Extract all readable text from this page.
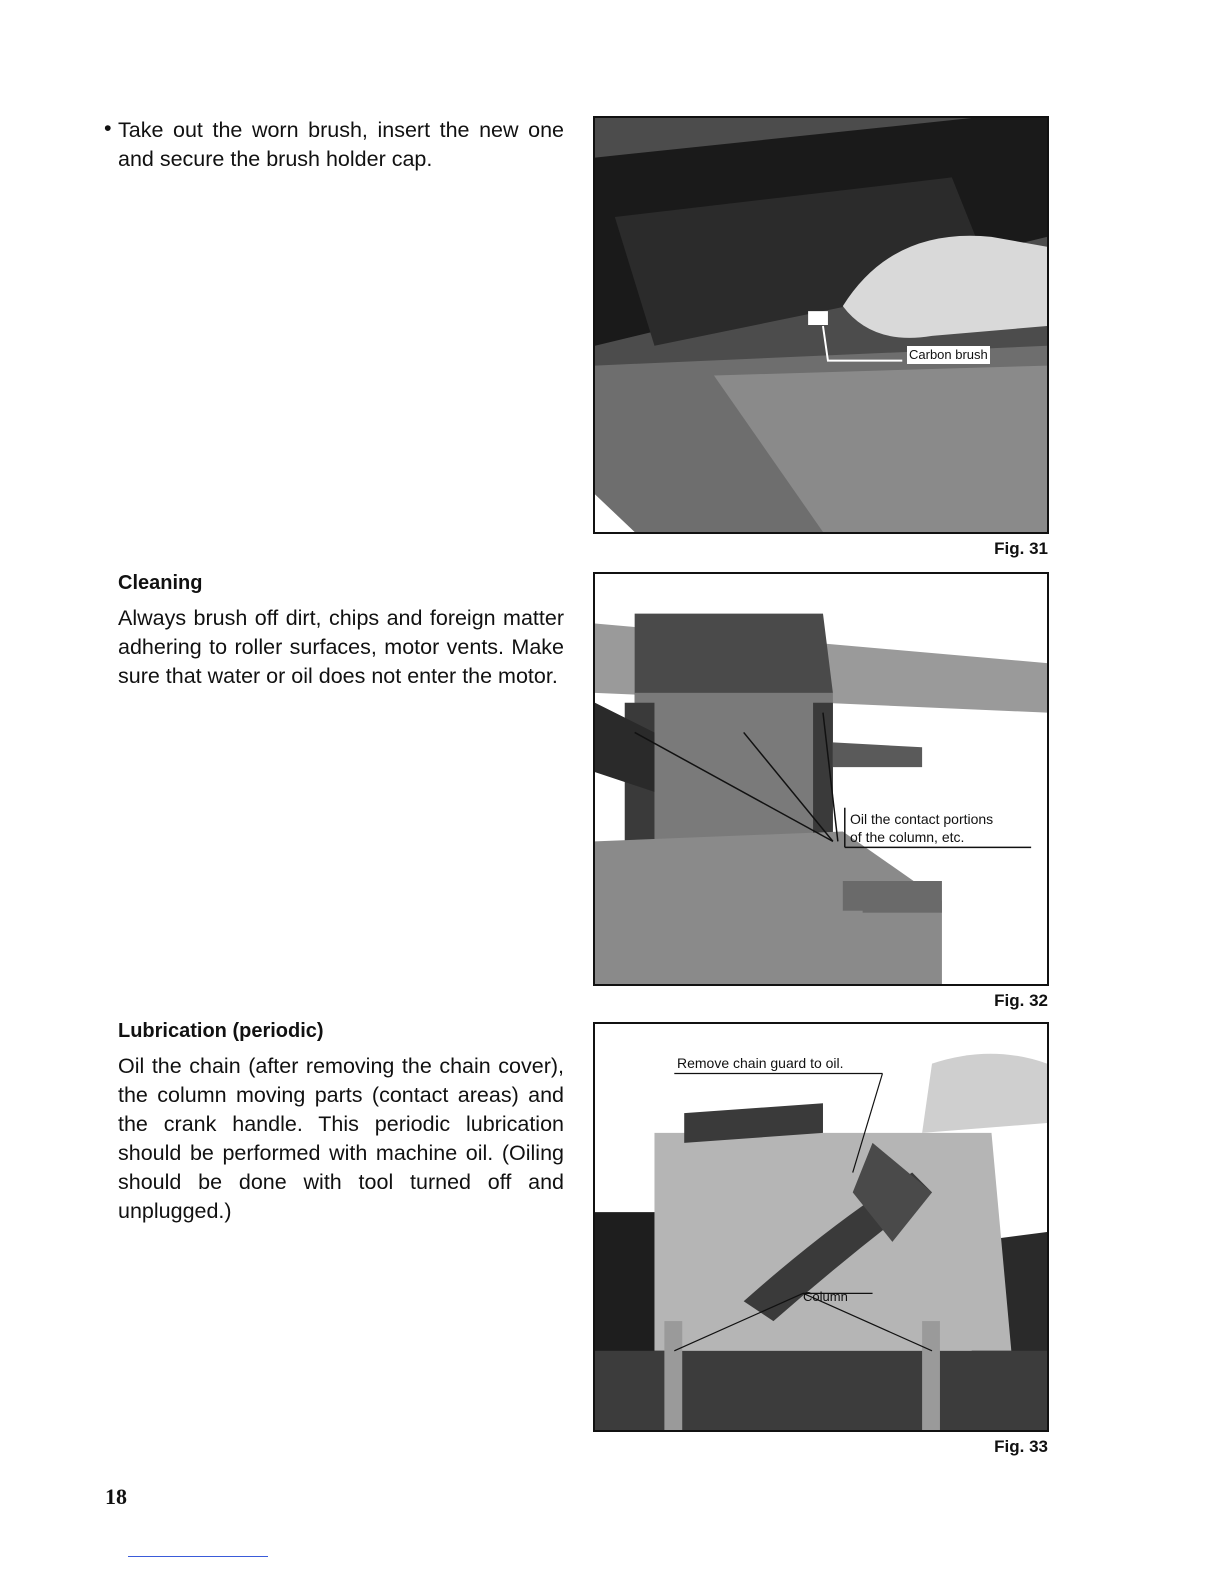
• Take out the worn brush, insert the new one and secure the brush holder cap.

Cleaning

Always brush off dirt, chips and foreign matter adhering to roller surfaces, motor vents. Make sure that water or oil does not enter the motor.

Lubrication (periodic)

Oil the chain (after removing the chain cover), the column moving parts (contact areas) and the crank handle. This periodic lubrication should be performed with machine oil. (Oiling should be done with tool turned off and unplugged.)

Carbon brush
Fig. 31
Oil the contact portions
of the column, etc.
Fig. 32
Remove chain guard to oil.
Column
Fig. 33
18
